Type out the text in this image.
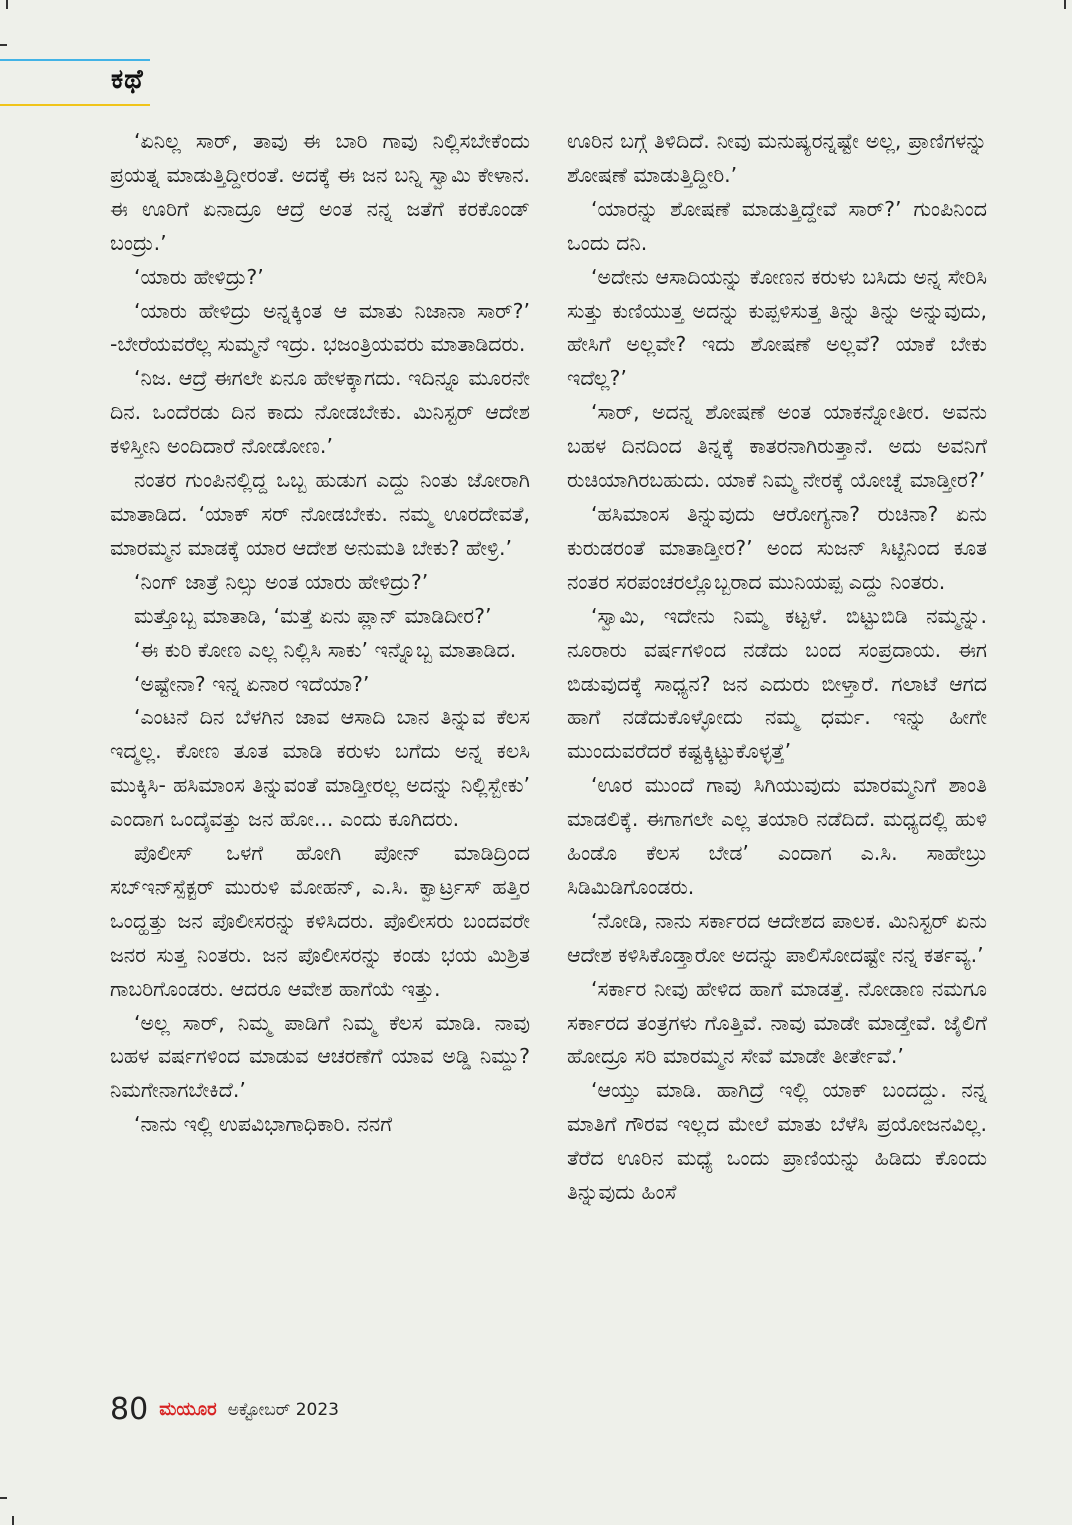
ಕಥೆ

‘ಏನಿಲ್ಲ ಸಾರ್, ತಾವು ಈ ಬಾರಿ ಗಾವು ನಿಲ್ಲಿಸಬೇಕೆಂದು ಪ್ರಯತ್ನ ಮಾಡುತ್ತಿದ್ದೀರಂತೆ. ಅದಕ್ಕೆ ಈ ಜನ ಬನ್ನಿ ಸ್ವಾಮಿ ಕೇಳಾನ. ಈ ಊರಿಗೆ ಏನಾದ್ರೂ ಆದ್ರೆ ಅಂತ ನನ್ನ ಜತೆಗೆ ಕರಕೊಂಡ್ ಬಂದ್ರು.’

‘ಯಾರು ಹೇಳಿದ್ರು?’

‘ಯಾರು ಹೇಳಿದ್ರು ಅನ್ನಕ್ಕಿಂತ ಆ ಮಾತು ನಿಜಾನಾ ಸಾರ್?’ -ಬೇರೆಯವರೆಲ್ಲ ಸುಮ್ಮನೆ ಇದ್ರು. ಭಜಂತ್ರಿಯವರು ಮಾತಾಡಿದರು.

‘ನಿಜ. ಆದ್ರೆ ಈಗಲೇ ಏನೂ ಹೇಳಕ್ಕಾಗದು. ಇದಿನ್ನೂ ಮೂರನೇ ದಿನ. ಒಂದೆರಡು ದಿನ ಕಾದು ನೋಡಬೇಕು. ಮಿನಿಸ್ಟರ್ ಆದೇಶ ಕಳಿಸ್ತೀನಿ ಅಂದಿದಾರೆ ನೋಡೋಣ.’

ನಂತರ ಗುಂಪಿನಲ್ಲಿದ್ದ ಒಬ್ಬ ಹುಡುಗ ಎದ್ದು ನಿಂತು ಜೋರಾಗಿ ಮಾತಾಡಿದ. ‘ಯಾಕ್ ಸರ್ ನೋಡಬೇಕು. ನಮ್ಮ ಊರದೇವತೆ, ಮಾರಮ್ಮನ ಮಾಡಕ್ಕೆ ಯಾರ ಆದೇಶ ಅನುಮತಿ ಬೇಕು? ಹೇಳ್ರಿ.’

‘ನಿಂಗ್ ಜಾತ್ರೆ ನಿಲ್ಸು ಅಂತ ಯಾರು ಹೇಳಿದ್ರು?’

ಮತ್ತೊಬ್ಬ ಮಾತಾಡಿ, ‘ಮತ್ತೆ ಏನು ಪ್ಲಾನ್ ಮಾಡಿದೀರ?’

‘ಈ ಕುರಿ ಕೋಣ ಎಲ್ಲ ನಿಲ್ಲಿಸಿ ಸಾಕು’ ಇನ್ನೊಬ್ಬ ಮಾತಾಡಿದ.

‘ಅಷ್ಟೇನಾ? ಇನ್ನ ಏನಾರ ಇದೆಯಾ?’

‘ಎಂಟನೆ ದಿನ ಬೆಳಗಿನ ಜಾವ ಆಸಾದಿ ಬಾನ ತಿನ್ನುವ ಕೆಲಸ ಇದ್ಮಲ್ಲ. ಕೋಣ ತೂತ ಮಾಡಿ ಕರುಳು ಬಗೆದು ಅನ್ನ ಕಲಸಿ ಮುಕ್ಕಿಸಿ- ಹಸಿಮಾಂಸ ತಿನ್ನುವಂತೆ ಮಾಡ್ತೀರಲ್ಲ ಅದನ್ನು ನಿಲ್ಲಿಸ್ಬೇಕು’ ಎಂದಾಗ ಒಂದೈವತ್ತು ಜನ ಹೋ... ಎಂದು ಕೂಗಿದರು.

ಪೊಲೀಸ್ ಒಳಗೆ ಹೋಗಿ ಪೋನ್ ಮಾಡಿದ್ರಿಂದ ಸಬ್‌ಇನ್‌ಸ್ಪೆಕ್ಟರ್ ಮುರುಳಿ ಮೋಹನ್, ಎ.ಸಿ. ಕ್ವಾರ್ಟ್ರಸ್ ಹತ್ತಿರ ಒಂದ್ಹತ್ತು ಜನ ಪೊಲೀಸರನ್ನು ಕಳಿಸಿದರು. ಪೊಲೀಸರು ಬಂದವರೇ ಜನರ ಸುತ್ತ ನಿಂತರು. ಜನ ಪೊಲೀಸರನ್ನು ಕಂಡು ಭಯ ಮಿಶ್ರಿತ ಗಾಬರಿಗೊಂಡರು. ಆದರೂ ಆವೇಶ ಹಾಗೆಯೆ ಇತ್ತು.

‘ಅಲ್ಲ ಸಾರ್, ನಿಮ್ಮ ಪಾಡಿಗೆ ನಿಮ್ಮ ಕೆಲಸ ಮಾಡಿ. ನಾವು ಬಹಳ ವರ್ಷಗಳಿಂದ ಮಾಡುವ ಆಚರಣೆಗೆ ಯಾವ ಅಡ್ಡಿ ನಿಮ್ದು? ನಿಮಗೇನಾಗಬೇಕಿದೆ.’

‘ನಾನು ಇಲ್ಲಿ ಉಪವಿಭಾಗಾಧಿಕಾರಿ. ನನಗೆ

ಊರಿನ ಬಗ್ಗೆ ತಿಳಿದಿದೆ. ನೀವು ಮನುಷ್ಯರನ್ನಷ್ಟೇ ಅಲ್ಲ, ಪ್ರಾಣಿಗಳನ್ನು ಶೋಷಣೆ ಮಾಡುತ್ತಿದ್ದೀರಿ.’

‘ಯಾರನ್ನು ಶೋಷಣೆ ಮಾಡುತ್ತಿದ್ದೇವೆ ಸಾರ್?’ ಗುಂಪಿನಿಂದ ಒಂದು ದನಿ.

‘ಅದೇನು ಆಸಾದಿಯನ್ನು ಕೋಣನ ಕರುಳು ಬಸಿದು ಅನ್ನ ಸೇರಿಸಿ ಸುತ್ತು ಕುಣಿಯುತ್ತ ಅದನ್ನು ಕುಪ್ಪಳಿಸುತ್ತ ತಿನ್ನು ತಿನ್ನು ಅನ್ನುವುದು, ಹೇಸಿಗೆ ಅಲ್ಲವೇ? ಇದು ಶೋಷಣೆ ಅಲ್ಲವೆ? ಯಾಕೆ ಬೇಕು ಇದೆಲ್ಲ?’

‘ಸಾರ್, ಅದನ್ನ ಶೋಷಣೆ ಅಂತ ಯಾಕನ್ನೋತೀರ. ಅವನು ಬಹಳ ದಿನದಿಂದ ತಿನ್ನಕ್ಕೆ ಕಾತರನಾಗಿರುತ್ತಾನೆ. ಅದು ಅವನಿಗೆ ರುಚಿಯಾಗಿರಬಹುದು. ಯಾಕೆ ನಿಮ್ಮ ನೇರಕ್ಕೆ ಯೋಚ್ನೆ ಮಾಡ್ತೀರ?’

‘ಹಸಿಮಾಂಸ ತಿನ್ನುವುದು ಆರೋಗ್ಯನಾ? ರುಚಿನಾ? ಏನು ಕುರುಡರಂತೆ ಮಾತಾಡ್ತೀರ?’ ಅಂದ ಸುಜನ್ ಸಿಟ್ಟಿನಿಂದ ಕೂತ ನಂತರ ಸರಪಂಚರಲ್ಲೊಬ್ಬರಾದ ಮುನಿಯಪ್ಪ ಎದ್ದು ನಿಂತರು.

‘ಸ್ವಾಮಿ, ಇದೇನು ನಿಮ್ಮ ಕಟ್ಟಳೆ. ಬಿಟ್ಟುಬಿಡಿ ನಮ್ಮನ್ನು. ನೂರಾರು ವರ್ಷಗಳಿಂದ ನಡೆದು ಬಂದ ಸಂಪ್ರದಾಯ. ಈಗ ಬಿಡುವುದಕ್ಕೆ ಸಾಧ್ಯನ? ಜನ ಎದುರು ಬೀಳ್ತಾರೆ. ಗಲಾಟೆ ಆಗದ ಹಾಗೆ ನಡೆದುಕೊಳ್ಳೋದು ನಮ್ಮ ಧರ್ಮ. ಇನ್ನು ಹೀಗೇ ಮುಂದುವರೆದರೆ ಕಷ್ಟಕ್ಕಿಟ್ಟುಕೊಳ್ಳತ್ತೆ’

‘ಊರ ಮುಂದೆ ಗಾವು ಸಿಗಿಯುವುದು ಮಾರಮ್ಮನಿಗೆ ಶಾಂತಿ ಮಾಡಲಿಕ್ಕೆ. ಈಗಾಗಲೇ ಎಲ್ಲ ತಯಾರಿ ನಡೆದಿದೆ. ಮಧ್ಯದಲ್ಲಿ ಹುಳಿ ಹಿಂಡೊ ಕೆಲಸ ಬೇಡ’ ಎಂದಾಗ ಎ.ಸಿ. ಸಾಹೇಬ್ರು ಸಿಡಿಮಿಡಿಗೊಂಡರು.

‘ನೋಡಿ, ನಾನು ಸರ್ಕಾರದ ಆದೇಶದ ಪಾಲಕ. ಮಿನಿಸ್ಟರ್ ಏನು ಆದೇಶ ಕಳಿಸಿಕೊಡ್ತಾರೋ ಅದನ್ನು ಪಾಲಿಸೋದಷ್ಟೇ ನನ್ನ ಕರ್ತವ್ಯ.’

‘ಸರ್ಕಾರ ನೀವು ಹೇಳಿದ ಹಾಗೆ ಮಾಡತ್ತೆ. ನೋಡಾಣ ನಮಗೂ ಸರ್ಕಾರದ ತಂತ್ರಗಳು ಗೊತ್ತಿವೆ. ನಾವು ಮಾಡೇ ಮಾಡ್ತೇವೆ. ಜೈಲಿಗೆ ಹೋದ್ರೂ ಸರಿ ಮಾರಮ್ಮನ ಸೇವೆ ಮಾಡೇ ತೀರ್ತೇವೆ.’

‘ಆಯ್ತು ಮಾಡಿ. ಹಾಗಿದ್ರೆ ಇಲ್ಲಿ ಯಾಕ್ ಬಂದದ್ದು. ನನ್ನ ಮಾತಿಗೆ ಗೌರವ ಇಲ್ಲದ ಮೇಲೆ ಮಾತು ಬೆಳೆಸಿ ಪ್ರಯೋಜನವಿಲ್ಲ. ತೆರೆದ ಊರಿನ ಮಧ್ಯೆ ಒಂದು ಪ್ರಾಣಿಯನ್ನು ಹಿಡಿದು ಕೊಂದು ತಿನ್ನುವುದು ಹಿಂಸೆ

80 ಮಯೂರ ಅಕ್ಟೋಬರ್ 2023
